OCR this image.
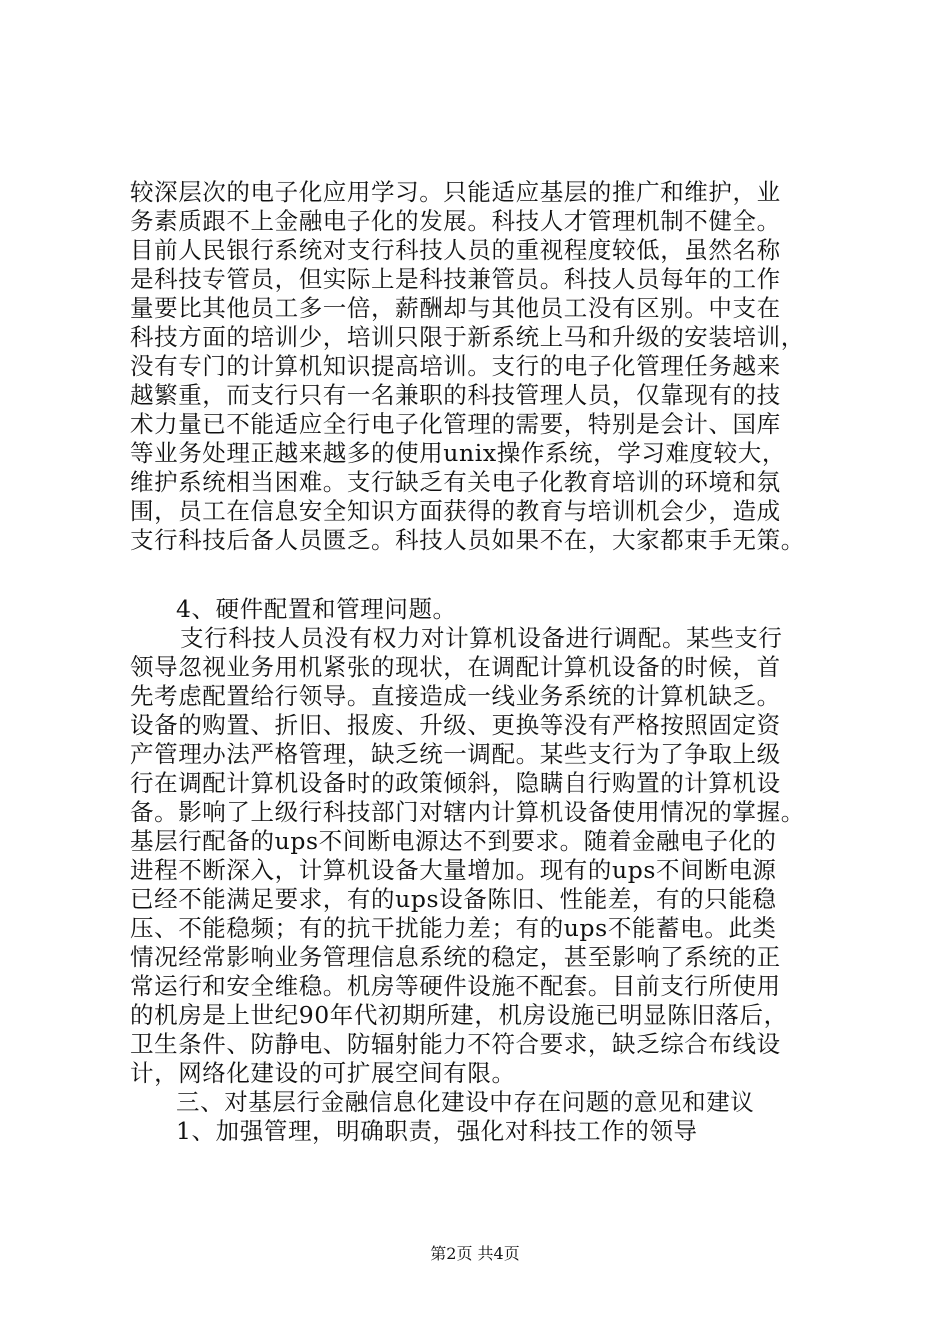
较深层次的电子化应用学习。只能适应基层的推广和维护，业
务素质跟不上金融电子化的发展。科技人才管理机制不健全。
目前人民银行系统对支行科技人员的重视程度较低，虽然名称
是科技专管员，但实际上是科技兼管员。科技人员每年的工作
量要比其他员工多一倍，薪酬却与其他员工没有区别。中支在
科技方面的培训少，培训只限于新系统上马和升级的安装培训，
没有专门的计算机知识提高培训。支行的电子化管理任务越来
越繁重，而支行只有一名兼职的科技管理人员，仅靠现有的技
术力量已不能适应全行电子化管理的需要，特别是会计、国库
等业务处理正越来越多的使用unix操作系统，学习难度较大，
维护系统相当困难。支行缺乏有关电子化教育培训的环境和氛
围，员工在信息安全知识方面获得的教育与培训机会少，造成
支行科技后备人员匮乏。科技人员如果不在，大家都束手无策。
4、硬件配置和管理问题。
支行科技人员没有权力对计算机设备进行调配。某些支行
领导忽视业务用机紧张的现状，在调配计算机设备的时候，首
先考虑配置给行领导。直接造成一线业务系统的计算机缺乏。
设备的购置、折旧、报废、升级、更换等没有严格按照固定资
产管理办法严格管理，缺乏统一调配。某些支行为了争取上级
行在调配计算机设备时的政策倾斜，隐瞒自行购置的计算机设
备。影响了上级行科技部门对辖内计算机设备使用情况的掌握。
基层行配备的ups不间断电源达不到要求。随着金融电子化的
进程不断深入，计算机设备大量增加。现有的ups不间断电源
已经不能满足要求，有的ups设备陈旧、性能差，有的只能稳
压、不能稳频；有的抗干扰能力差；有的ups不能蓄电。此类
情况经常影响业务管理信息系统的稳定，甚至影响了系统的正
常运行和安全维稳。机房等硬件设施不配套。目前支行所使用
的机房是上世纪90年代初期所建，机房设施已明显陈旧落后，
卫生条件、防静电、防辐射能力不符合要求，缺乏综合布线设
计，网络化建设的可扩展空间有限。
三、对基层行金融信息化建设中存在问题的意见和建议
1、加强管理，明确职责，强化对科技工作的领导
第2页 共4页
